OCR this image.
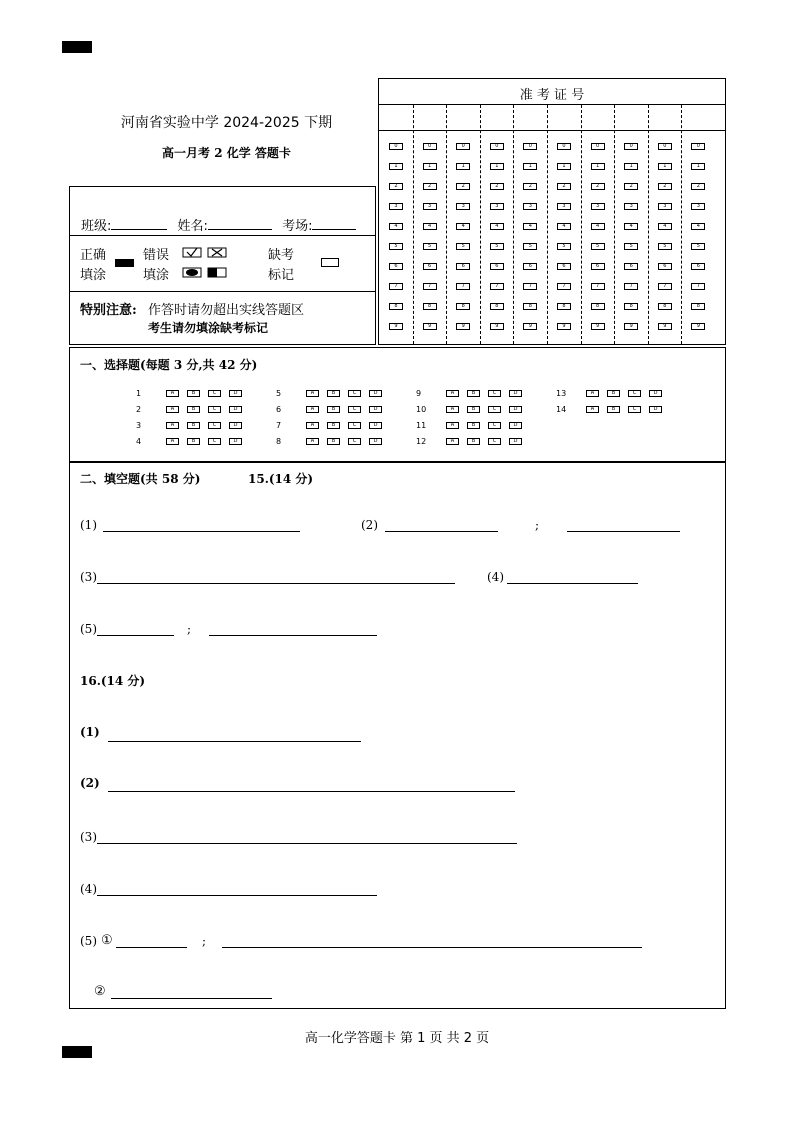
河南省实验中学 2024-2025 下期
高一月考 2 化学 答题卡
班级:	姓名:	考场:
正确
填涂
错误
填涂
缺考
标记
特别注意: 作答时请勿超出实线答题区
考生请勿填涂缺考标记
准 考 证 号
0
1
2
3
4
5
6
7
8
9
0
1
2
3
4
5
6
7
8
9
0
1
2
3
4
5
6
7
8
9
0
1
2
3
4
5
6
7
8
9
0
1
2
3
4
5
6
7
8
9
0
1
2
3
4
5
6
7
8
9
0
1
2
3
4
5
6
7
8
9
0
1
2
3
4
5
6
7
8
9
0
1
2
3
4
5
6
7
8
9
0
1
2
3
4
5
6
7
8
9
一、选择题(每题 3 分,共 42 分)
1	A	B	C	D
2	A	B	C	D
3	A	B	C	D
4	A	B	C	D
5	A	B	C	D
6	A	B	C	D
7	A	B	C	D
8	A	B	C	D
9	A	B	C	D
10	A	B	C	D
11	A	B	C	D
12	A	B	C	D
13	A	B	C	D
14	A	B	C	D
二、填空题(共 58 分)	15.(14 分)
(1)	(2)	;
(3)	(4)
(5)	;
16.(14 分)
(1)
(2)
(3)
(4)
(5) ①	;
②
高一化学答题卡 第 1 页 共 2 页
